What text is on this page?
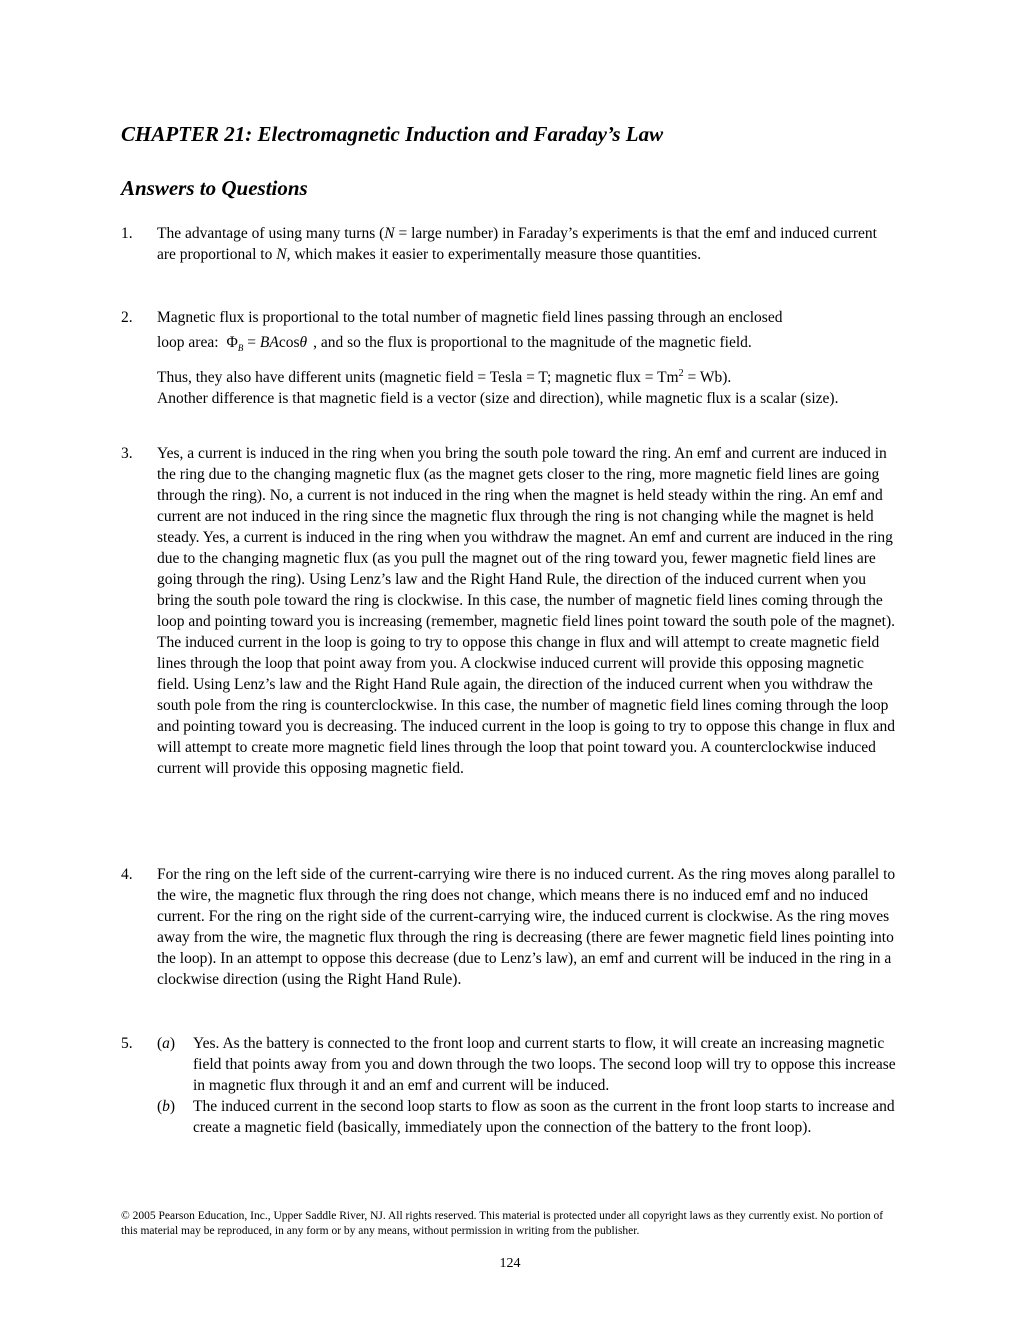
CHAPTER 21: Electromagnetic Induction and Faraday’s Law
Answers to Questions
1. The advantage of using many turns (N = large number) in Faraday’s experiments is that the emf and induced current are proportional to N, which makes it easier to experimentally measure those quantities.
2. Magnetic flux is proportional to the total number of magnetic field lines passing through an enclosed
loop area: $\Phi_B = BAcos\theta$ , and so the flux is proportional to the magnitude of the magnetic field.
Thus, they also have different units (magnetic field = Tesla = T; magnetic flux = $Tm^2 = Wb$).
Another difference is that magnetic field is a vector (size and direction), while magnetic flux is a scalar (size).
3. Yes, a current is induced in the ring when you bring the south pole toward the ring. An emf and current are induced in the ring due to the changing magnetic flux (as the magnet gets closer to the ring, more magnetic field lines are going through the ring). No, a current is not induced in the ring when the magnet is held steady within the ring. An emf and current are not induced in the ring since the magnetic flux through the ring is not changing while the magnet is held steady. Yes, a current is induced in the ring when you withdraw the magnet. An emf and current are induced in the ring due to the changing magnetic flux (as you pull the magnet out of the ring toward you, fewer magnetic field lines are going through the ring). Using Lenz’s law and the Right Hand Rule, the direction of the induced current when you bring the south pole toward the ring is clockwise. In this case, the number of magnetic field lines coming through the loop and pointing toward you is increasing (remember, magnetic field lines point toward the south pole of the magnet). The induced current in the loop is going to try to oppose this change in flux and will attempt to create magnetic field lines through the loop that point away from you. A clockwise induced current will provide this opposing magnetic field. Using Lenz’s law and the Right Hand Rule again, the direction of the induced current when you withdraw the south pole from the ring is counterclockwise. In this case, the number of magnetic field lines coming through the loop and pointing toward you is decreasing. The induced current in the loop is going to try to oppose this change in flux and will attempt to create more magnetic field lines through the loop that point toward you. A counterclockwise induced current will provide this opposing magnetic field.
4. For the ring on the left side of the current-carrying wire there is no induced current. As the ring moves along parallel to the wire, the magnetic flux through the ring does not change, which means there is no induced emf and no induced current. For the ring on the right side of the current-carrying wire, the induced current is clockwise. As the ring moves away from the wire, the magnetic flux through the ring is decreasing (there are fewer magnetic field lines pointing into the loop). In an attempt to oppose this decrease (due to Lenz’s law), an emf and current will be induced in the ring in a clockwise direction (using the Right Hand Rule).
5. (a) Yes. As the battery is connected to the front loop and current starts to flow, it will create an increasing magnetic field that points away from you and down through the two loops. The second loop will try to oppose this increase in magnetic flux through it and an emf and current will be induced.
(b) The induced current in the second loop starts to flow as soon as the current in the front loop starts to increase and create a magnetic field (basically, immediately upon the connection of the battery to the front loop).
© 2005 Pearson Education, Inc., Upper Saddle River, NJ. All rights reserved. This material is protected under all copyright laws as they currently exist. No portion of this material may be reproduced, in any form or by any means, without permission in writing from the publisher.
124
